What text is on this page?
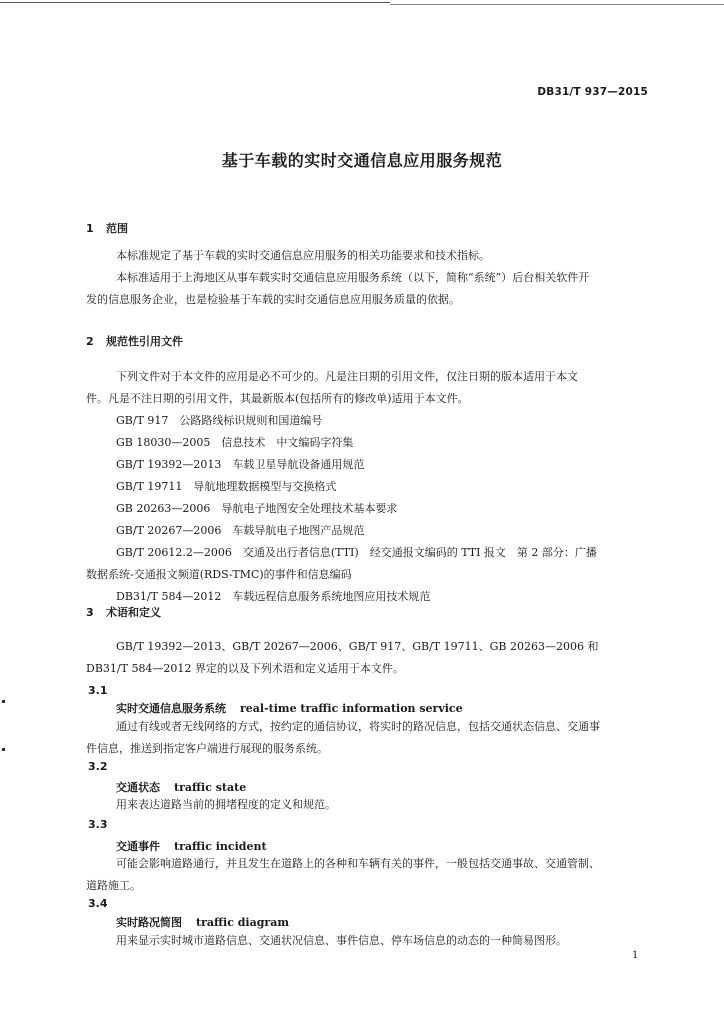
DB31/T 937—2015
基于车载的实时交通信息应用服务规范
1 范围
本标准规定了基于车载的实时交通信息应用服务的相关功能要求和技术指标。
本标准适用于上海地区从事车载实时交通信息应用服务系统（以下，简称“系统”）后台相关软件开
发的信息服务企业，也是检验基于车载的实时交通信息应用服务质量的依据。
2 规范性引用文件
下列文件对于本文件的应用是必不可少的。凡是注日期的引用文件，仅注日期的版本适用于本文
件。凡是不注日期的引用文件，其最新版本(包括所有的修改单)适用于本文件。
GB/T 917　公路路线标识规则和国道编号
GB 18030—2005　信息技术　中文编码字符集
GB/T 19392—2013　车载卫星导航设备通用规范
GB/T 19711　导航地理数据模型与交换格式
GB 20263—2006　导航电子地图安全处理技术基本要求
GB/T 20267—2006　车载导航电子地图产品规范
GB/T 20612.2—2006　交通及出行者信息(TTI)　经交通报文编码的 TTI 报文　第 2 部分：广播
数据系统-交通报文频道(RDS-TMC)的事件和信息编码
DB31/T 584—2012　车载远程信息服务系统地图应用技术规范
3 术语和定义
GB/T 19392—2013、GB/T 20267—2006、GB/T 917、GB/T 19711、GB 20263—2006 和
DB31/T 584—2012 界定的以及下列术语和定义适用于本文件。
3.1
实时交通信息服务系统 real-time traffic information service
通过有线或者无线网络的方式，按约定的通信协议，将实时的路况信息，包括交通状态信息、交通事
件信息，推送到指定客户端进行展现的服务系统。
3.2
交通状态 traffic state
用来表达道路当前的拥堵程度的定义和规范。
3.3
交通事件 traffic incident
可能会影响道路通行，并且发生在道路上的各种和车辆有关的事件，一般包括交通事故、交通管制、
道路施工。
3.4
实时路况简图 traffic diagram
用来显示实时城市道路信息、交通状况信息、事件信息、停车场信息的动态的一种简易图形。
1
